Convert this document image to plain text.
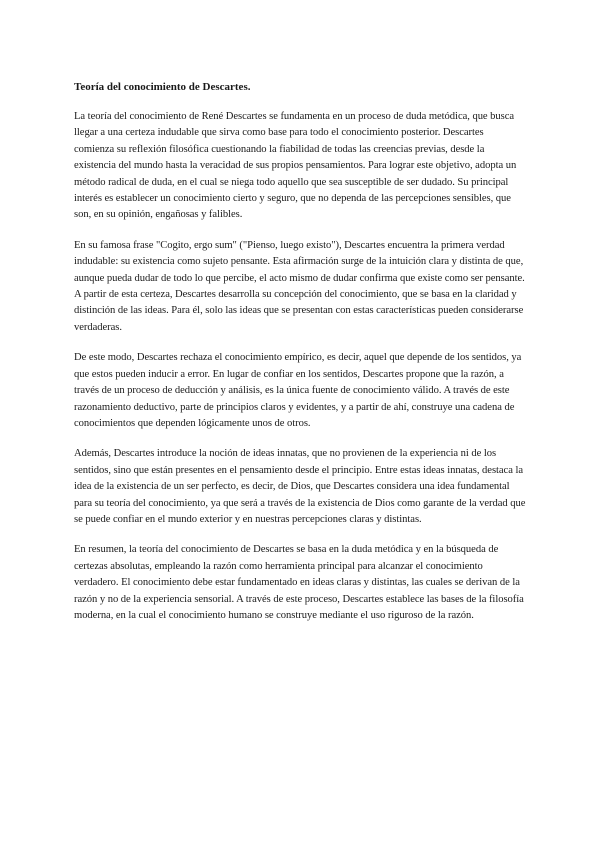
Teoría del conocimiento de Descartes.

La teoría del conocimiento de René Descartes se fundamenta en un proceso de duda metódica, que busca llegar a una certeza indudable que sirva como base para todo el conocimiento posterior. Descartes comienza su reflexión filosófica cuestionando la fiabilidad de todas las creencias previas, desde la existencia del mundo hasta la veracidad de sus propios pensamientos. Para lograr este objetivo, adopta un método radical de duda, en el cual se niega todo aquello que sea susceptible de ser dudado. Su principal interés es establecer un conocimiento cierto y seguro, que no dependa de las percepciones sensibles, que son, en su opinión, engañosas y falibles.

En su famosa frase "Cogito, ergo sum" ("Pienso, luego existo"), Descartes encuentra la primera verdad indudable: su existencia como sujeto pensante. Esta afirmación surge de la intuición clara y distinta de que, aunque pueda dudar de todo lo que percibe, el acto mismo de dudar confirma que existe como ser pensante. A partir de esta certeza, Descartes desarrolla su concepción del conocimiento, que se basa en la claridad y distinción de las ideas. Para él, solo las ideas que se presentan con estas características pueden considerarse verdaderas.

De este modo, Descartes rechaza el conocimiento empírico, es decir, aquel que depende de los sentidos, ya que estos pueden inducir a error. En lugar de confiar en los sentidos, Descartes propone que la razón, a través de un proceso de deducción y análisis, es la única fuente de conocimiento válido. A través de este razonamiento deductivo, parte de principios claros y evidentes, y a partir de ahí, construye una cadena de conocimientos que dependen lógicamente unos de otros.

Además, Descartes introduce la noción de ideas innatas, que no provienen de la experiencia ni de los sentidos, sino que están presentes en el pensamiento desde el principio. Entre estas ideas innatas, destaca la idea de la existencia de un ser perfecto, es decir, de Dios, que Descartes considera una idea fundamental para su teoría del conocimiento, ya que será a través de la existencia de Dios como garante de la verdad que se puede confiar en el mundo exterior y en nuestras percepciones claras y distintas.

En resumen, la teoría del conocimiento de Descartes se basa en la duda metódica y en la búsqueda de certezas absolutas, empleando la razón como herramienta principal para alcanzar el conocimiento verdadero. El conocimiento debe estar fundamentado en ideas claras y distintas, las cuales se derivan de la razón y no de la experiencia sensorial. A través de este proceso, Descartes establece las bases de la filosofía moderna, en la cual el conocimiento humano se construye mediante el uso riguroso de la razón.
